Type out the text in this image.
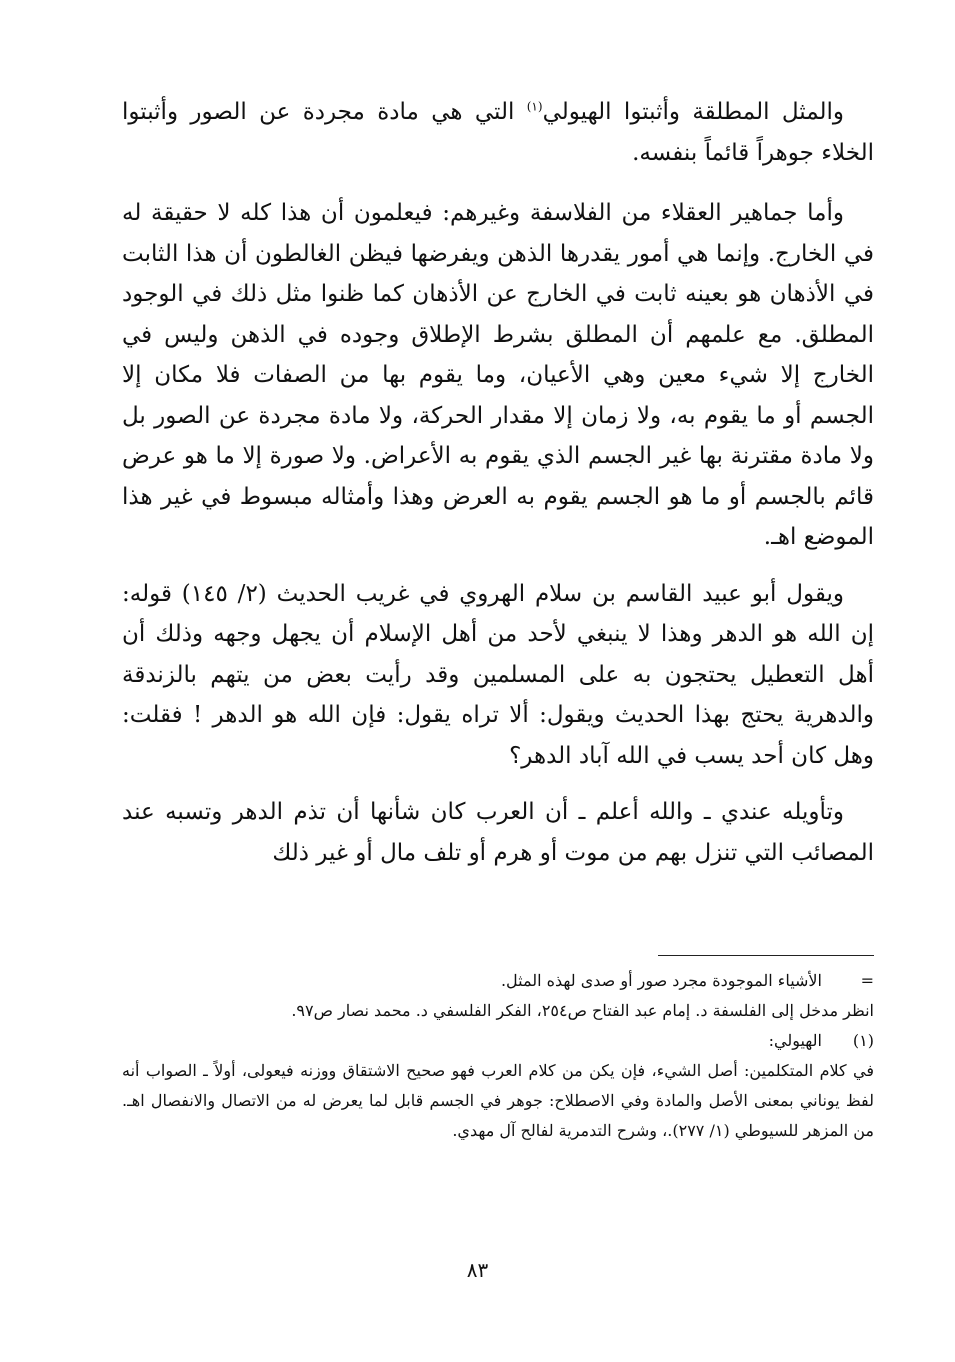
والمثل المطلقة وأثبتوا الهيولي$^{(١)}$ التي هي مادة مجردة عن الصور وأثبتوا الخلاء جوهراً قائماً بنفسه.

وأما جماهير العقلاء من الفلاسفة وغيرهم: فيعلمون أن هذا كله لا حقيقة له في الخارج. وإنما هي أمور يقدرها الذهن ويفرضها فيظن الغالطون أن هذا الثابت في الأذهان هو بعينه ثابت في الخارج عن الأذهان كما ظنوا مثل ذلك في الوجود المطلق. مع علمهم أن المطلق بشرط الإطلاق وجوده في الذهن وليس في الخارج إلا شيء معين وهي الأعيان، وما يقوم بها من الصفات فلا مكان إلا الجسم أو ما يقوم به، ولا زمان إلا مقدار الحركة، ولا مادة مجردة عن الصور بل ولا مادة مقترنة بها غير الجسم الذي يقوم به الأعراض. ولا صورة إلا ما هو عرض قائم بالجسم أو ما هو الجسم يقوم به العرض وهذا وأمثاله مبسوط في غير هذا الموضع اهـ.

ويقول أبو عبيد القاسم بن سلام الهروي في غريب الحديث (٢/ ١٤٥) قوله: إن الله هو الدهر وهذا لا ينبغي لأحد من أهل الإسلام أن يجهل وجهه وذلك أن أهل التعطيل يحتجون به على المسلمين وقد رأيت بعض من يتهم بالزندقة والدهرية يحتج بهذا الحديث ويقول: ألا تراه يقول: فإن الله هو الدهر ! فقلت: وهل كان أحد يسب في الله آباد الدهر؟

وتأويله عندي ـ والله أعلم ـ أن العرب كان شأنها أن تذم الدهر وتسبه عند المصائب التي تنزل بهم من موت أو هرم أو تلف مال أو غير ذلك

=
الأشياء الموجودة مجرد صور أو صدى لهذه المثل.
انظر مدخل إلى الفلسفة د. إمام عبد الفتاح ص٢٥٤، الفكر الفلسفي د. محمد نصار ص٩٧.
(١)
الهيولي:
في كلام المتكلمين: أصل الشيء، فإن يكن من كلام العرب فهو صحيح الاشتقاق ووزنه فيعولى، أولاً ـ الصواب أنه لفظ يوناني بمعنى الأصل والمادة وفي الاصطلاح: جوهر في الجسم قابل لما يعرض له من الاتصال والانفصال اهـ. من المزهر للسيوطي (١/ ٢٧٧).، وشرح التدمرية لفالح آل مهدي.
٨٣
